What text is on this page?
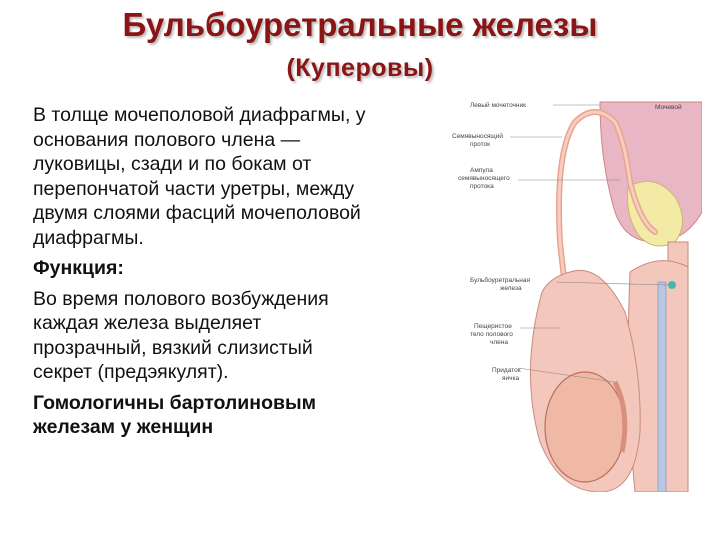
Бульбоуретральные железы
(Куперовы)

В толще мочеполовой диафрагмы, у

основания полового члена —

луковицы, сзади и по бокам от

перепончатой части уретры, между

двумя слоями фасций мочеполовой

диафрагмы.

Функция:

Во время полового возбуждения

каждая железа выделяет

прозрачный, вязкий слизистый

секрет (предэякулят).

Гомологичны бартолиновым

железам у женщин

Левый мочеточник	Мочевой
Семявыносящий
проток
Ампула
семявыносящего
протока
Бульбоуретральная
железа
Пещеристое
тело полового
члена
Придаток
яичка
